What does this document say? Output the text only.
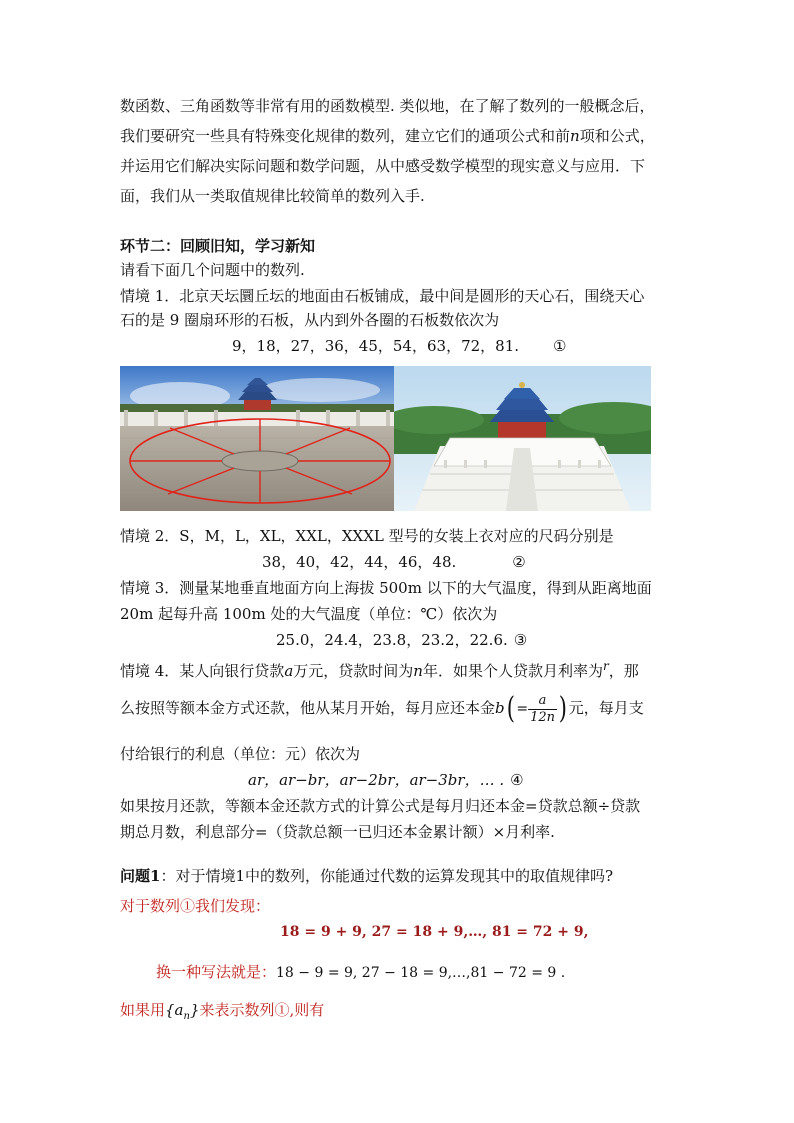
数函数、三角函数等非常有用的函数模型. 类似地，在了解了数列的一般概念后，
我们要研究一些具有特殊变化规律的数列，建立它们的通项公式和前n项和公式，
并运用它们解决实际问题和数学问题，从中感受数学模型的现实意义与应用．下
面，我们从一类取值规律比较简单的数列入手.
环节二：回顾旧知，学习新知
请看下面几个问题中的数列.
情境 1．北京天坛圜丘坛的地面由石板铺成，最中间是圆形的天心石，围绕天心
石的是 9 圈扇环形的石板，从内到外各圈的石板数依次为
9，18，27，36，45，54，63，72，81. ①
情境 2．S，M，L，XL，XXL，XXXL 型号的女装上衣对应的尺码分别是
38，40，42，44，46，48.	②
情境 3．测量某地垂直地面方向上海拔 500m 以下的大气温度，得到从距离地面
20m 起每升高 100m 处的大气温度（单位：℃）依次为
25.0，24.4，23.8，23.2，22.6. ③
情境 4．某人向银行贷款a万元，贷款时间为n年．如果个人贷款月利率为$^r$，那
么按照等额本金方式还款，他从某月开始，每月应还本金$b( = \frac{a}{12n}$ ) 元，每月支
付给银行的利息（单位：元）依次为
ar，ar−br，ar−2br，ar−3br，… . ④
如果按月还款，等额本金还款方式的计算公式是每月归还本金=贷款总额÷贷款
期总月数，利息部分=（贷款总额一已归还本金累计额）×月利率.
问题1：对于情境1中的数列，你能通过代数的运算发现其中的取值规律吗?
对于数列①我们发现：
18 = 9 + 9, 27 = 18 + 9,…, 81 = 72 + 9,
换一种写法就是：18 − 9 = 9, 27 − 18 = 9,…,81 − 72 = 9 .
如果用$\{a_n\}$来表示数列①,则有
